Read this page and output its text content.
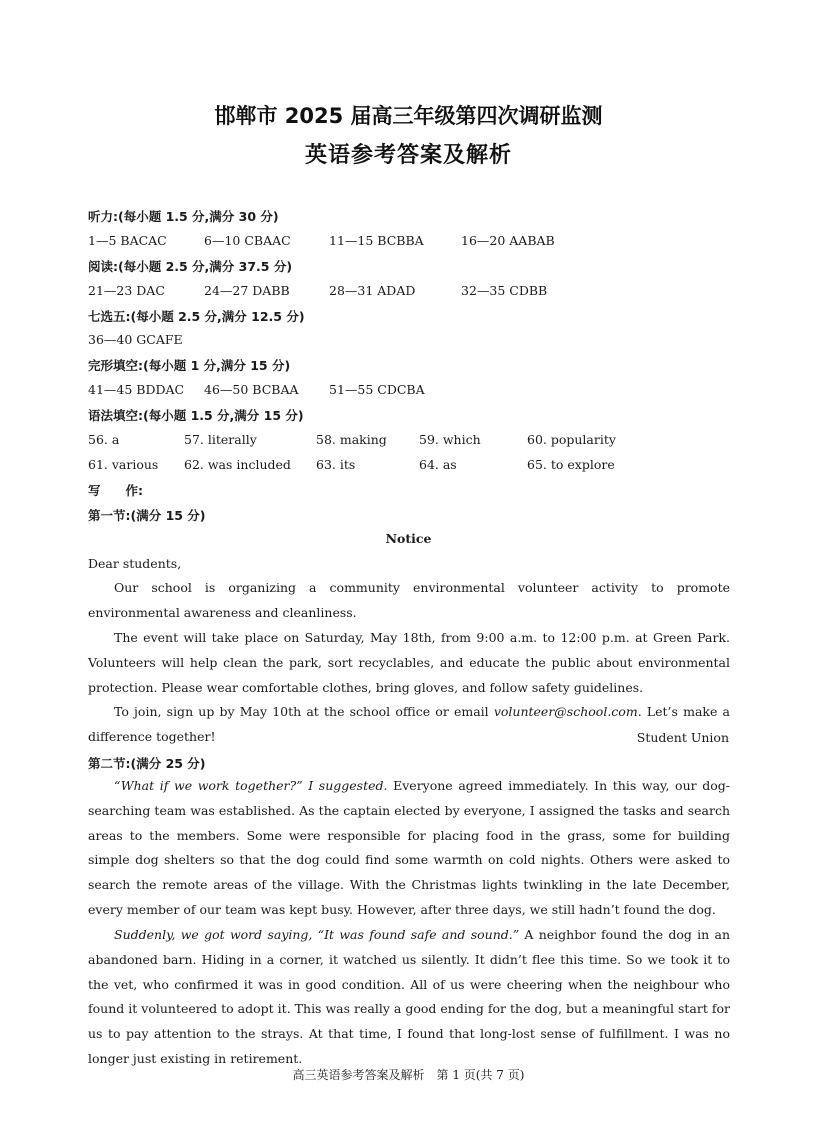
邯郸市 2025 届高三年级第四次调研监测
英语参考答案及解析
听力:(每小题 1.5 分,满分 30 分)
1—5 BACAC	6—10 CBAAC	11—15 BCBBA	16—20 AABAB
阅读:(每小题 2.5 分,满分 37.5 分)
21—23 DAC	24—27 DABB	28—31 ADAD	32—35 CDBB
七选五:(每小题 2.5 分,满分 12.5 分)
36—40 GCAFE
完形填空:(每小题 1 分,满分 15 分)
41—45 BDDAC 46—50 BCBAA 51—55 CDCBA
语法填空:(每小题 1.5 分,满分 15 分)
56. a	57. literally	58. making	59. which	60. popularity
61. various 62. was included 63. its	64. as	65. to explore
写　　作:
第一节:(满分 15 分)
Notice
Dear students,

Our school is organizing a community environmental volunteer activity to promote environmental awareness and cleanliness.

The event will take place on Saturday, May 18th, from 9:00 a.m. to 12:00 p.m. at Green Park. Volunteers will help clean the park, sort recyclables, and educate the public about environmental protection. Please wear comfortable clothes, bring gloves, and follow safety guidelines.

To join, sign up by May 10th at the school office or email volunteer@school.com. Let’s make a difference together!	Student Union
第二节:(满分 25 分)

“What if we work together?” I suggested. Everyone agreed immediately. In this way, our dog-searching team was established. As the captain elected by everyone, I assigned the tasks and search areas to the members. Some were responsible for placing food in the grass, some for building simple dog shelters so that the dog could find some warmth on cold nights. Others were asked to search the remote areas of the village. With the Christmas lights twinkling in the late December, every member of our team was kept busy. However, after three days, we still hadn’t found the dog.

Suddenly, we got word saying, “It was found safe and sound.” A neighbor found the dog in an abandoned barn. Hiding in a corner, it watched us silently. It didn’t flee this time. So we took it to the vet, who confirmed it was in good condition. All of us were cheering when the neighbour who found it volunteered to adopt it. This was really a good ending for the dog, but a meaningful start for us to pay attention to the strays. At that time, I found that long-lost sense of fulfillment. I was no longer just existing in retirement.

高三英语参考答案及解析　第 1 页(共 7 页)
